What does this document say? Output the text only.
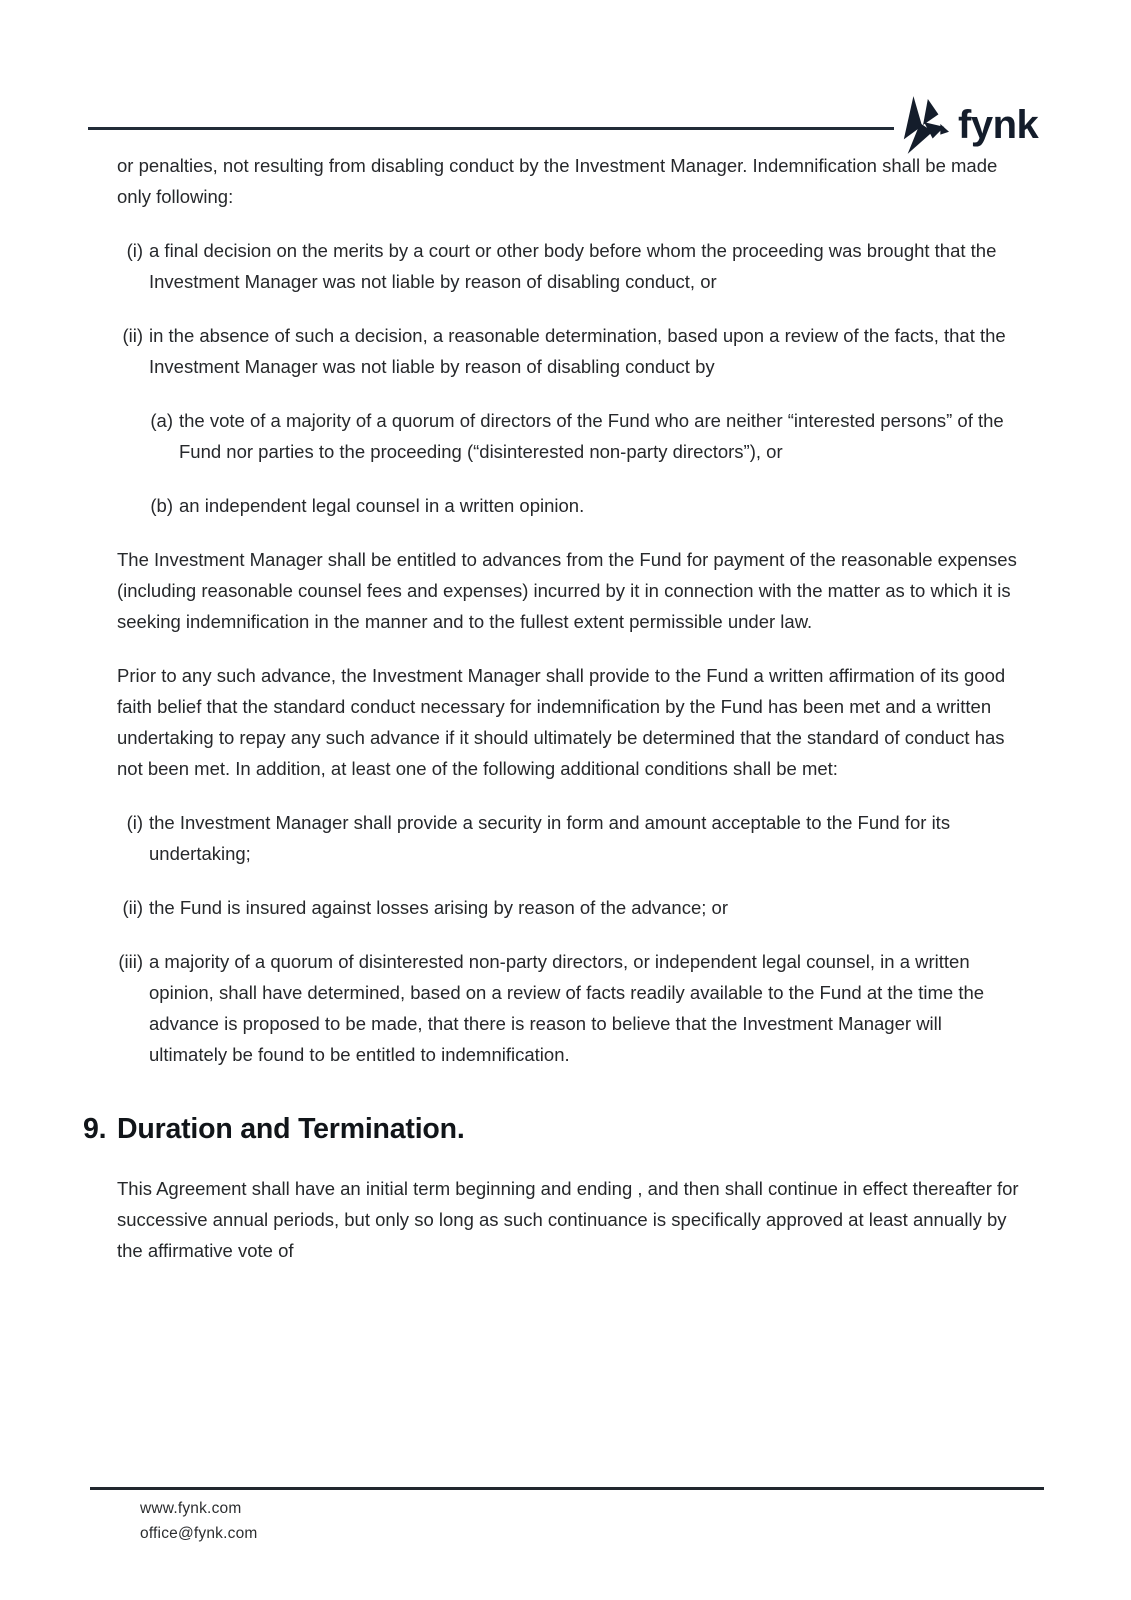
fynk

or penalties, not resulting from disabling conduct by the Investment Manager. Indemnification shall be made only following:

(i) a final decision on the merits by a court or other body before whom the proceeding was brought that the Investment Manager was not liable by reason of disabling conduct, or
(ii) in the absence of such a decision, a reasonable determination, based upon a review of the facts, that the Investment Manager was not liable by reason of disabling conduct by
(a) the vote of a majority of a quorum of directors of the Fund who are neither “interested persons” of the Fund nor parties to the proceeding (“disinterested non-party directors”), or
(b) an independent legal counsel in a written opinion.

The Investment Manager shall be entitled to advances from the Fund for payment of the reasonable expenses (including reasonable counsel fees and expenses) incurred by it in connection with the matter as to which it is seeking indemnification in the manner and to the fullest extent permissible under law.

Prior to any such advance, the Investment Manager shall provide to the Fund a written affirmation of its good faith belief that the standard conduct necessary for indemnification by the Fund has been met and a written undertaking to repay any such advance if it should ultimately be determined that the standard of conduct has not been met. In addition, at least one of the following additional conditions shall be met:

(i) the Investment Manager shall provide a security in form and amount acceptable to the Fund for its undertaking;
(ii) the Fund is insured against losses arising by reason of the advance; or
(iii) a majority of a quorum of disinterested non-party directors, or independent legal counsel, in a written opinion, shall have determined, based on a review of facts readily available to the Fund at the time the advance is proposed to be made, that there is reason to believe that the Investment Manager will ultimately be found to be entitled to indemnification.
9. Duration and Termination.

This Agreement shall have an initial term beginning and ending , and then shall continue in effect thereafter for successive annual periods, but only so long as such continuance is specifically approved at least annually by the affirmative vote of

www.fynk.com
office@fynk.com
